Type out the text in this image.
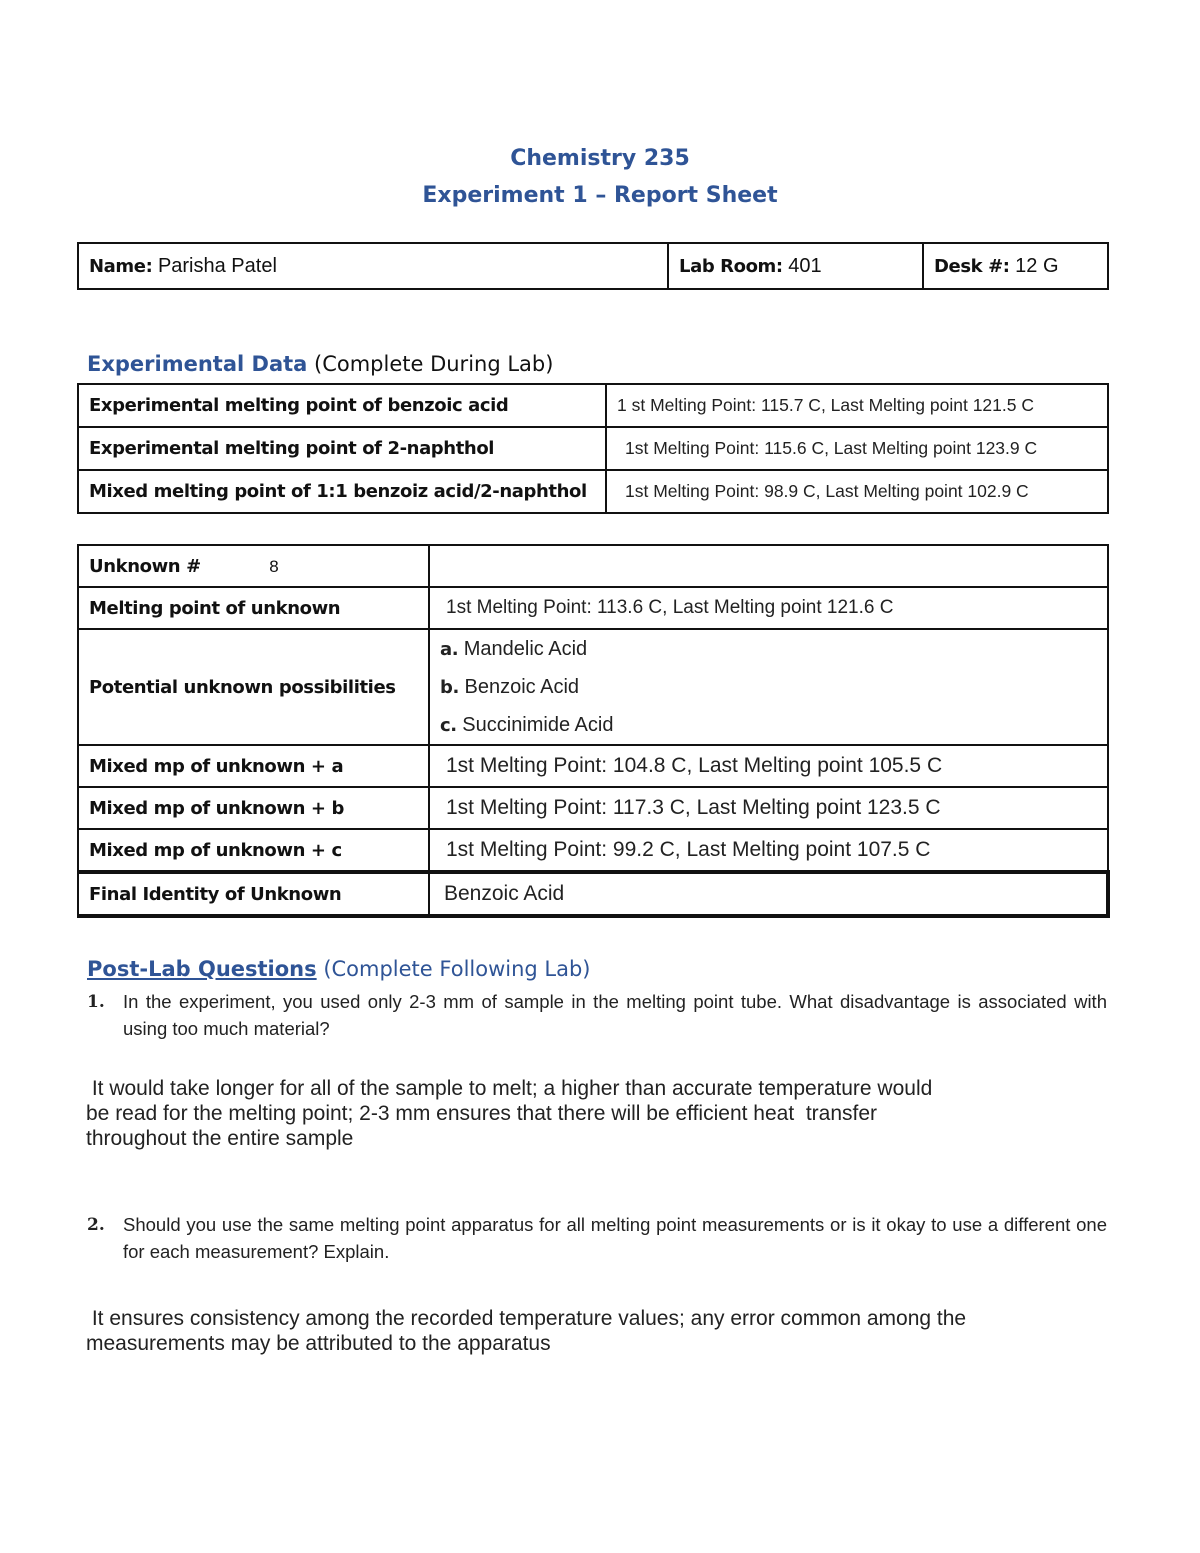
Chemistry 235
Experiment 1 – Report Sheet
Name: Parisha Patel	Lab Room: 401	Desk #: 12 G
Experimental Data (Complete During Lab)
Experimental melting point of benzoic acid	1 st Melting Point: 115.7 C, Last Melting point 121.5 C
Experimental melting point of 2-naphthol	1st Melting Point: 115.6 C, Last Melting point 123.9 C
Mixed melting point of 1:1 benzoiz acid/2-naphthol	1st Melting Point: 98.9 C, Last Melting point 102.9 C
Unknown # 8	
Melting point of unknown	1st Melting Point: 113.6 C, Last Melting point 121.6 C
Potential unknown possibilities	a. Mandelic Acid
b. Benzoic Acid
c. Succinimide Acid

Mixed mp of unknown + a	1st Melting Point: 104.8 C, Last Melting point 105.5 C
Mixed mp of unknown + b	1st Melting Point: 117.3 C, Last Melting point 123.5 C
Mixed mp of unknown + c	1st Melting Point: 99.2 C, Last Melting point 107.5 C
Final Identity of Unknown	Benzoic Acid
Post-Lab Questions (Complete Following Lab)
1. In the experiment, you used only 2-3 mm of sample in the melting point tube. What disadvantage is associated with using too much material?
It would take longer for all of the sample to melt; a higher than accurate temperature would
be read for the melting point; 2-3 mm ensures that there will be efficient heat  transfer
throughout the entire sample
2. Should you use the same melting point apparatus for all melting point measurements or is it okay to use a different one for each measurement? Explain.
It ensures consistency among the recorded temperature values; any error common among the
measurements may be attributed to the apparatus
